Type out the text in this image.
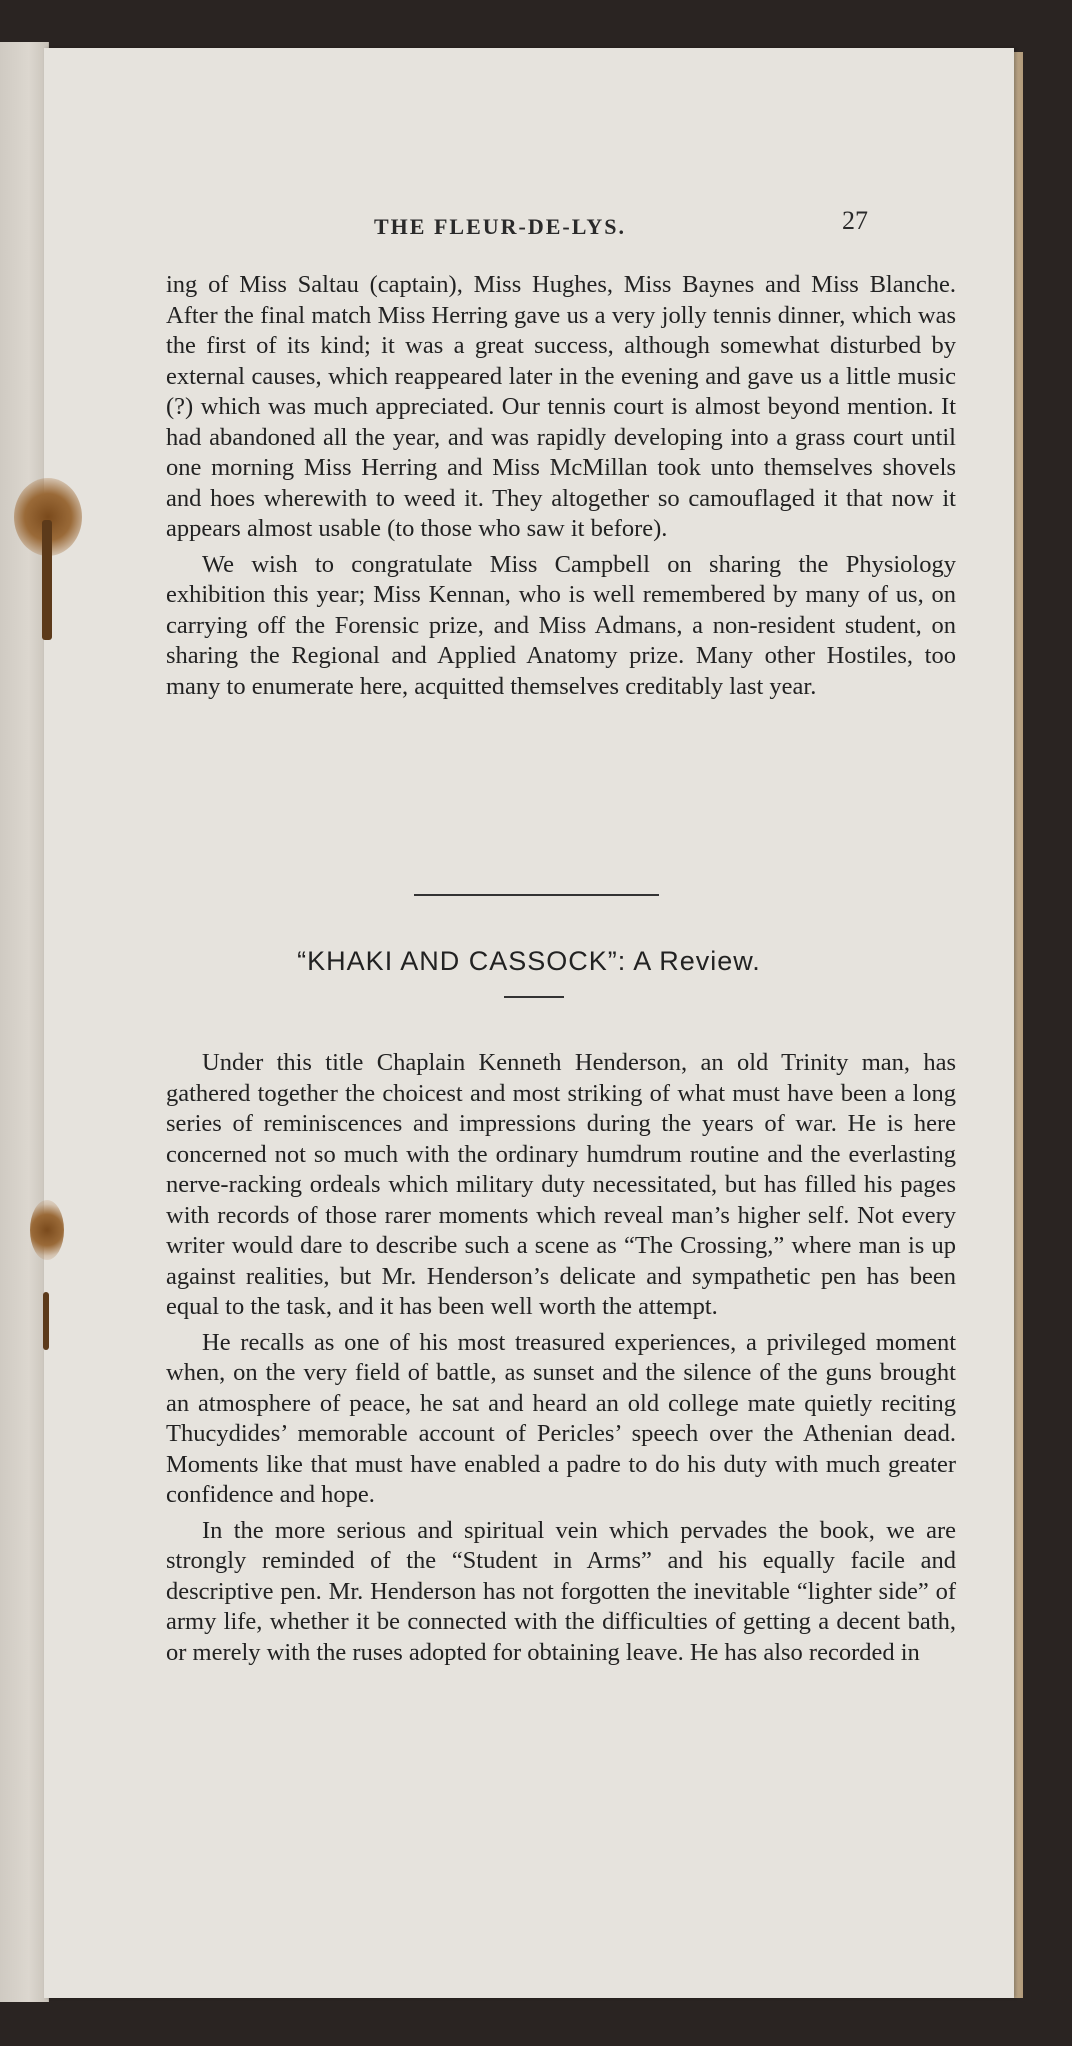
THE FLEUR-DE-LYS.	27

ing of Miss Saltau (captain), Miss Hughes, Miss Baynes and Miss Blanche. After the final match Miss Herring gave us a very jolly tennis dinner, which was the first of its kind; it was a great success, although somewhat disturbed by external causes, which reappeared later in the evening and gave us a little music (?) which was much appreciated. Our tennis court is almost beyond mention. It had abandoned all the year, and was rapidly developing into a grass court until one morning Miss Herring and Miss McMillan took unto themselves shovels and hoes wherewith to weed it. They altogether so camouflaged it that now it appears almost usable (to those who saw it before).

We wish to congratulate Miss Campbell on sharing the Physiology exhibition this year; Miss Kennan, who is well remembered by many of us, on carrying off the Forensic prize, and Miss Admans, a non-resident student, on sharing the Regional and Applied Anatomy prize. Many other Hostiles, too many to enumerate here, acquitted themselves creditably last year.

“KHAKI AND CASSOCK”: A Review.

Under this title Chaplain Kenneth Henderson, an old Trinity man, has gathered together the choicest and most striking of what must have been a long series of reminiscences and impressions during the years of war. He is here concerned not so much with the ordinary humdrum routine and the everlasting nerve-racking ordeals which military duty necessitated, but has filled his pages with records of those rarer moments which reveal man’s higher self. Not every writer would dare to describe such a scene as “The Crossing,” where man is up against realities, but Mr. Henderson’s delicate and sympathetic pen has been equal to the task, and it has been well worth the attempt.

He recalls as one of his most treasured experiences, a privileged moment when, on the very field of battle, as sunset and the silence of the guns brought an atmosphere of peace, he sat and heard an old college mate quietly reciting Thucydides’ memorable account of Pericles’ speech over the Athenian dead. Moments like that must have enabled a padre to do his duty with much greater confidence and hope.

In the more serious and spiritual vein which pervades the book, we are strongly reminded of the “Student in Arms” and his equally facile and descriptive pen. Mr. Henderson has not forgotten the inevitable “lighter side” of army life, whether it be connected with the difficulties of getting a decent bath, or merely with the ruses adopted for obtaining leave. He has also recorded in
